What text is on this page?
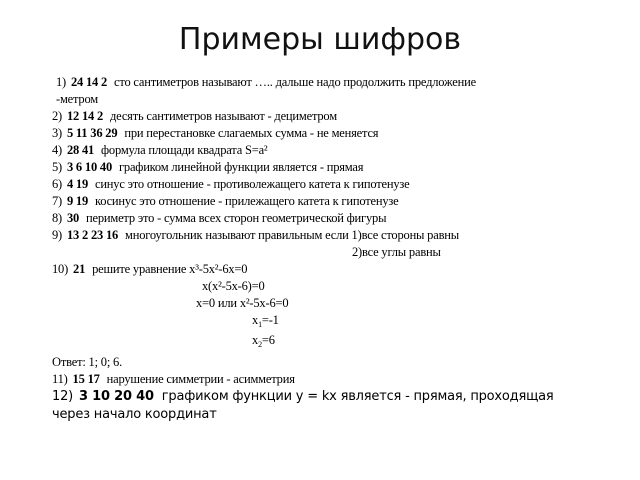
Примеры шифров
1) 24 14 2 сто сантиметров называют ….. дальше надо продолжить предложение
-метром
2) 12 14 2 десять сантиметров называют - дециметром
3) 5 11 36 29 при перестановке слагаемых сумма - не меняется
4) 28 41 формула площади квадрата S=a²
5) 3 6 10 40 графиком линейной функции является - прямая
6) 4 19 синус это отношение - противолежащего катета к гипотенузе
7) 9 19 косинус это отношение - прилежащего катета к гипотенузе
8) 30 периметр это - сумма всех сторон геометрической фигуры
9) 13 2 23 16 многоугольник называют правильным если 1)все стороны равны
2)все углы равны
10) 21 решите уравнение x³-5x²-6x=0
x(x²-5x-6)=0
x=0 или x²-5x-6=0
$x_1=-1$
$x_2=6$
Ответ: 1; 0; 6.
11) 15 17 нарушение симметрии - асимметрия
12) 3 10 20 40 графиком функции y = kx является - прямая, проходящая через начало координат
